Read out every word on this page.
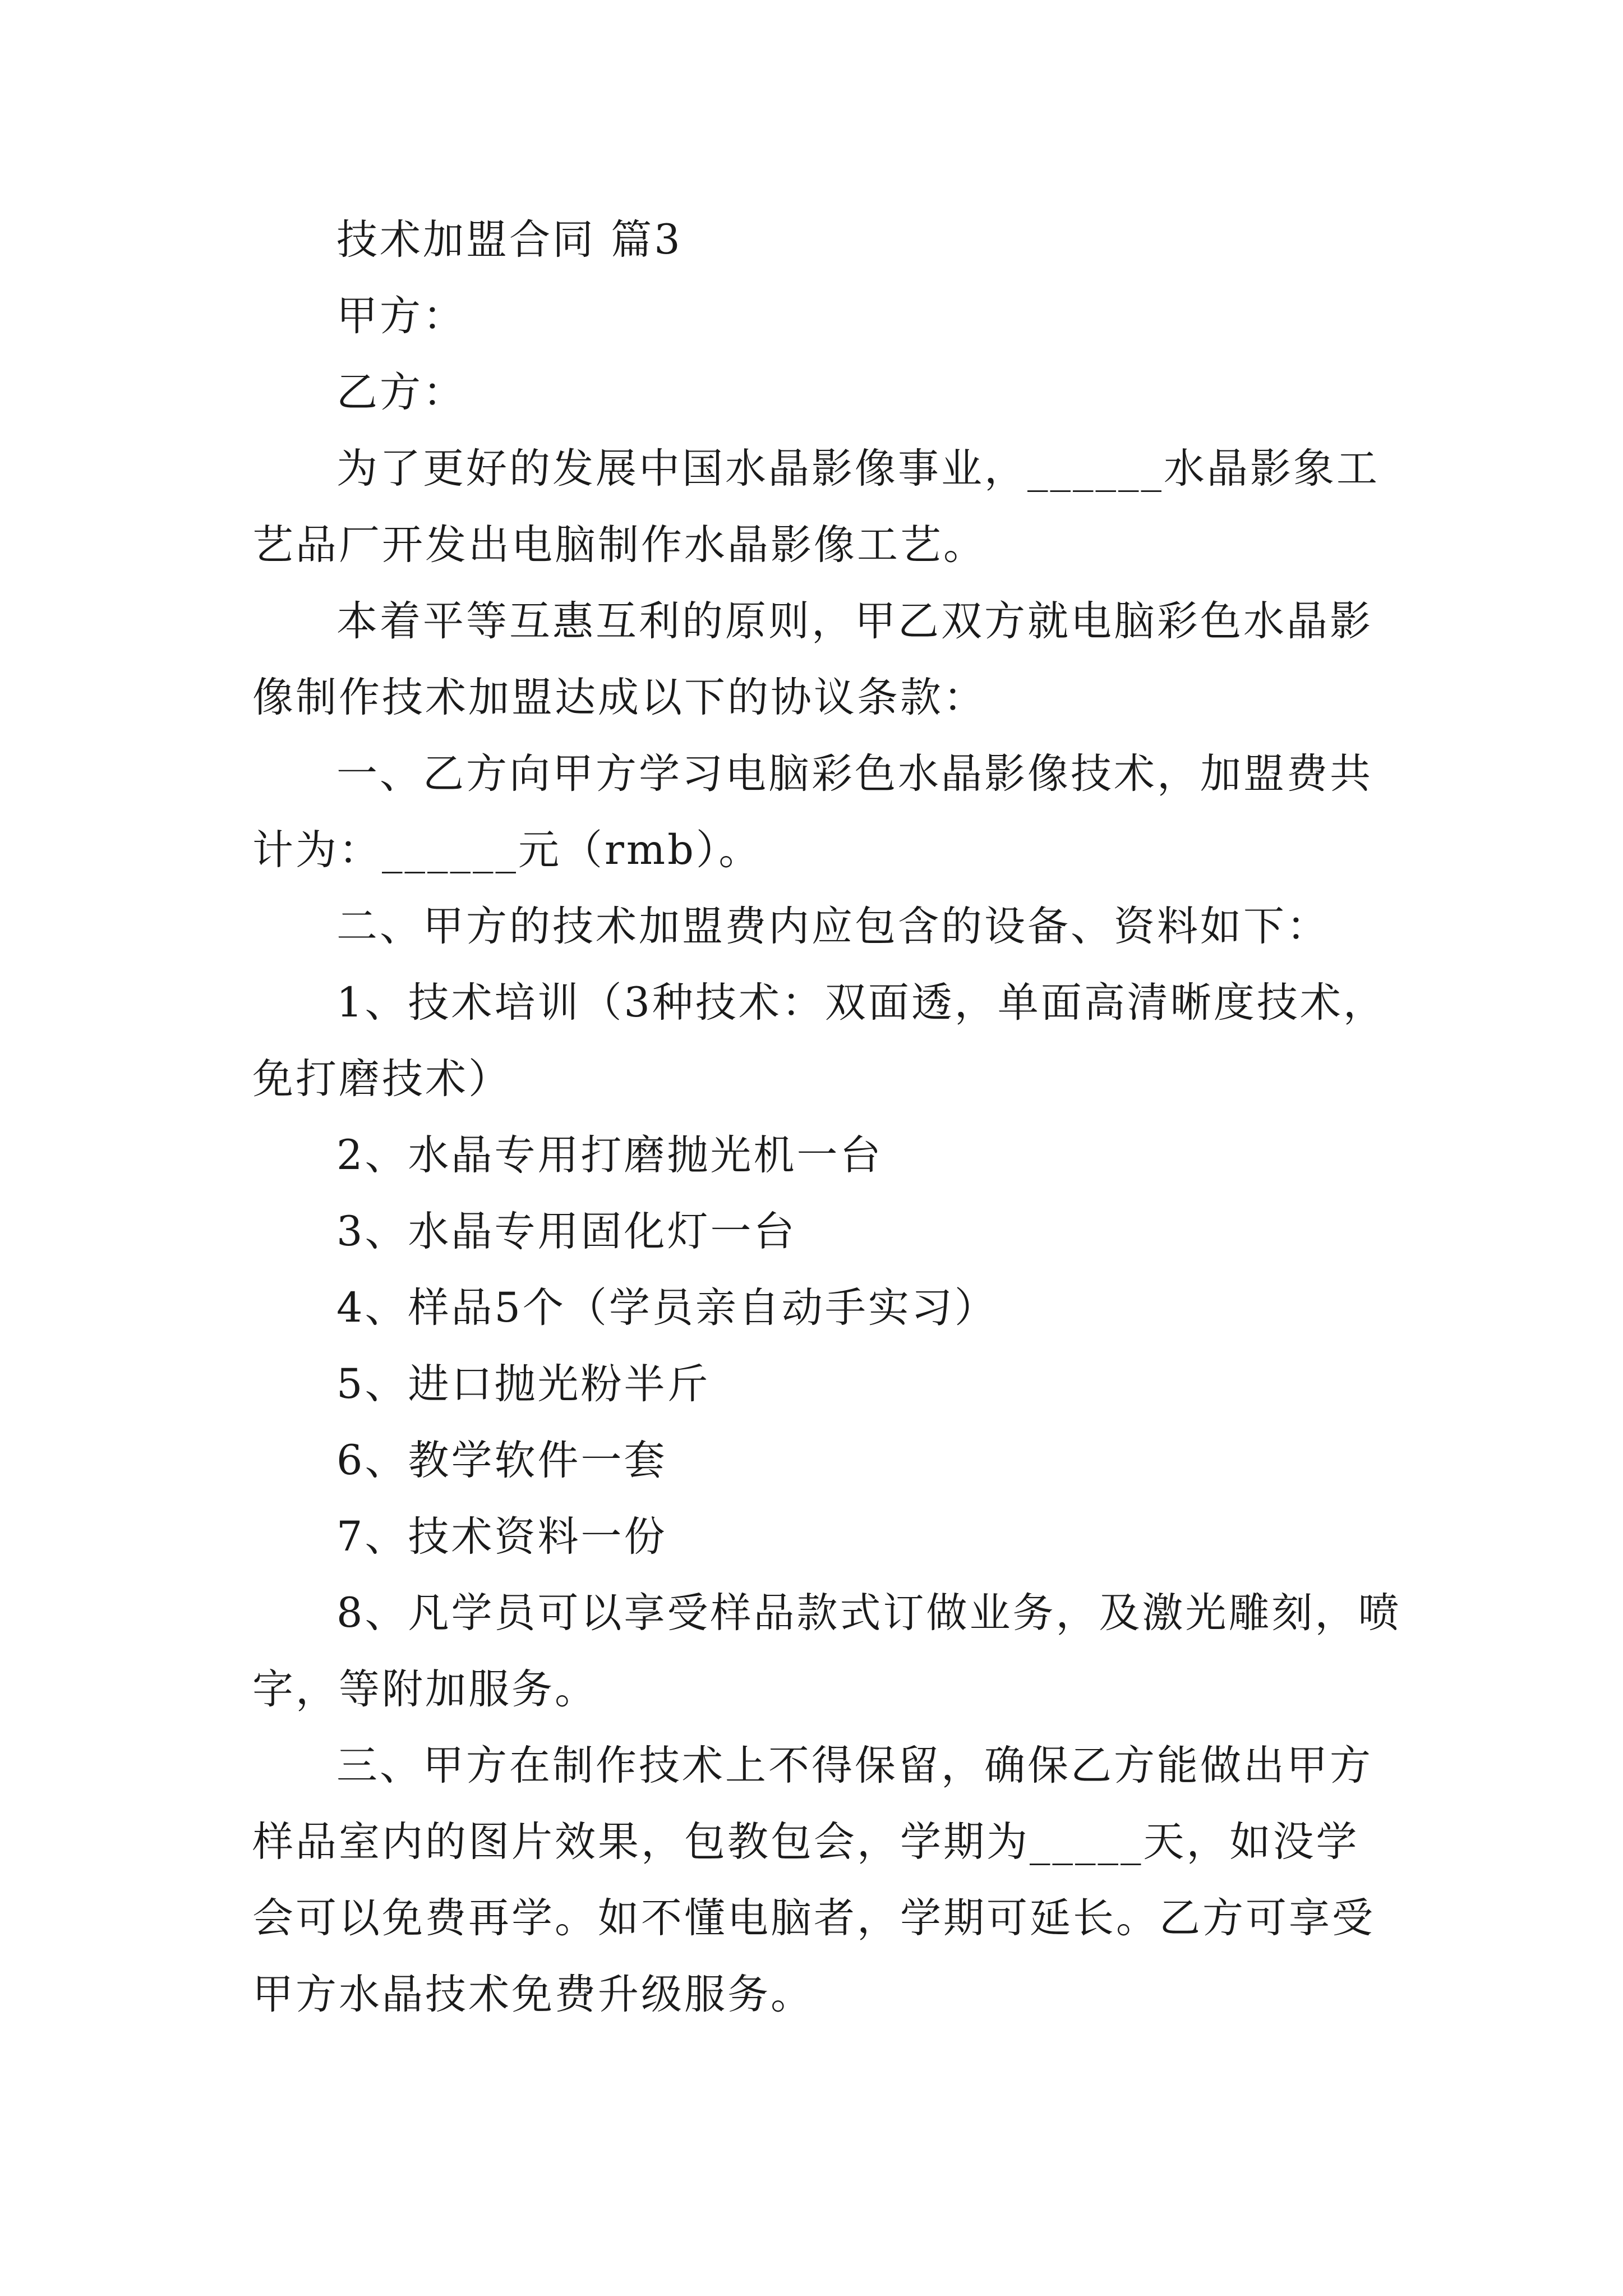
技术加盟合同 篇3

甲方：

乙方：

为了更好的发展中国水晶影像事业，______水晶影象工艺品厂开发出电脑制作水晶影像工艺。

本着平等互惠互利的原则，甲乙双方就电脑彩色水晶影像制作技术加盟达成以下的协议条款：

一、乙方向甲方学习电脑彩色水晶影像技术，加盟费共计为：______元（rmb）。

二、甲方的技术加盟费内应包含的设备、资料如下：

1、技术培训（3种技术：双面透，单面高清晰度技术，免打磨技术）

2、水晶专用打磨抛光机一台

3、水晶专用固化灯一台

4、样品5个（学员亲自动手实习）

5、进口抛光粉半斤

6、教学软件一套

7、技术资料一份

8、凡学员可以享受样品款式订做业务，及激光雕刻，喷字，等附加服务。

三、甲方在制作技术上不得保留，确保乙方能做出甲方样品室内的图片效果，包教包会，学期为_____天，如没学会可以免费再学。如不懂电脑者，学期可延长。乙方可享受甲方水晶技术免费升级服务。
